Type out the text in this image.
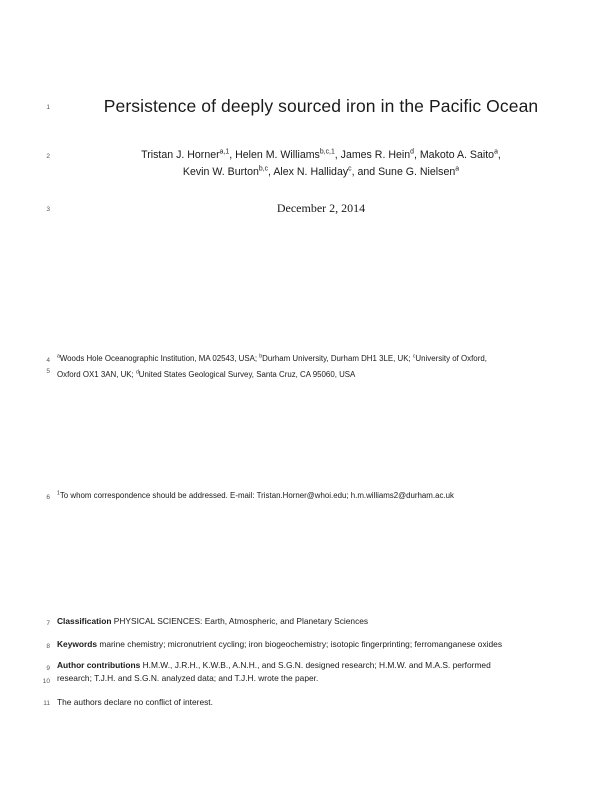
1
2
3
4
5
6
7
8
9
10
11
Persistence of deeply sourced iron in the Pacific Ocean
Tristan J. Horner$^{a,1}$, Helen M. Williams$^{b,c,1}$, James R. Hein$^d$, Makoto A. Saito$^a$,
Kevin W. Burton$^{b,c}$, Alex N. Halliday$^c$, and Sune G. Nielsen$^a$
December 2, 2014
$^a$Woods Hole Oceanographic Institution, MA 02543, USA; $^b$Durham University, Durham DH1 3LE, UK; $^c$University of Oxford,
Oxford OX1 3AN, UK; $^d$United States Geological Survey, Santa Cruz, CA 95060, USA
$^1$To whom correspondence should be addressed. E-mail: Tristan.Horner@whoi.edu; h.m.williams2@durham.ac.uk
Classification PHYSICAL SCIENCES: Earth, Atmospheric, and Planetary Sciences
Keywords marine chemistry; micronutrient cycling; iron biogeochemistry; isotopic fingerprinting; ferromanganese oxides
Author contributions H.M.W., J.R.H., K.W.B., A.N.H., and S.G.N. designed research; H.M.W. and M.A.S. performed
research; T.J.H. and S.G.N. analyzed data; and T.J.H. wrote the paper.
The authors declare no conflict of interest.
